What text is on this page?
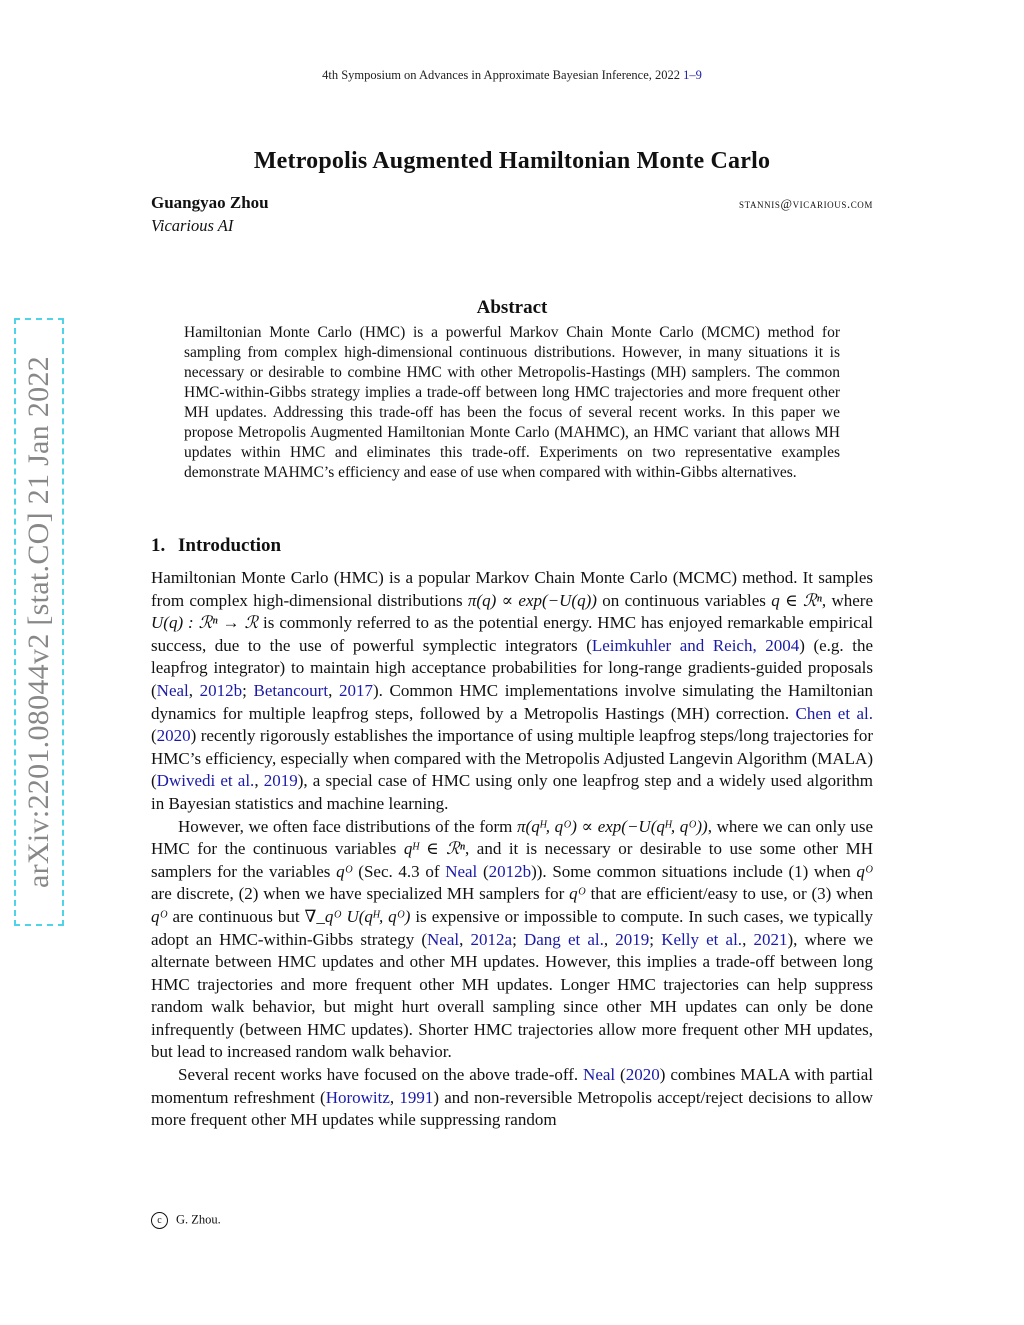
4th Symposium on Advances in Approximate Bayesian Inference, 2022 1–9
Metropolis Augmented Hamiltonian Monte Carlo
Guangyao Zhou	stannis@vicarious.com
Vicarious AI
arXiv:2201.08044v2 [stat.CO] 21 Jan 2022
Abstract
Hamiltonian Monte Carlo (HMC) is a powerful Markov Chain Monte Carlo (MCMC) method for sampling from complex high-dimensional continuous distributions. However, in many situations it is necessary or desirable to combine HMC with other Metropolis-Hastings (MH) samplers. The common HMC-within-Gibbs strategy implies a trade-off between long HMC trajectories and more frequent other MH updates. Addressing this trade-off has been the focus of several recent works. In this paper we propose Metropolis Augmented Hamiltonian Monte Carlo (MAHMC), an HMC variant that allows MH updates within HMC and eliminates this trade-off. Experiments on two representative examples demonstrate MAHMC’s efficiency and ease of use when compared with within-Gibbs alternatives.
1. Introduction

Hamiltonian Monte Carlo (HMC) is a popular Markov Chain Monte Carlo (MCMC) method. It samples from complex high-dimensional distributions π(q) ∝ exp(−U(q)) on continuous variables q ∈ ℛⁿ, where U(q) : ℛⁿ → ℛ is commonly referred to as the potential energy. HMC has enjoyed remarkable empirical success, due to the use of powerful symplectic integrators (Leimkuhler and Reich, 2004) (e.g. the leapfrog integrator) to maintain high acceptance probabilities for long-range gradients-guided proposals (Neal, 2012b; Betancourt, 2017). Common HMC implementations involve simulating the Hamiltonian dynamics for multiple leapfrog steps, followed by a Metropolis Hastings (MH) correction. Chen et al. (2020) recently rigorously establishes the importance of using multiple leapfrog steps/long trajectories for HMC’s efficiency, especially when compared with the Metropolis Adjusted Langevin Algorithm (MALA) (Dwivedi et al., 2019), a special case of HMC using only one leapfrog step and a widely used algorithm in Bayesian statistics and machine learning.

However, we often face distributions of the form π(qᴴ, qᴼ) ∝ exp(−U(qᴴ, qᴼ)), where we can only use HMC for the continuous variables qᴴ ∈ ℛⁿ, and it is necessary or desirable to use some other MH samplers for the variables qᴼ (Sec. 4.3 of Neal (2012b)). Some common situations include (1) when qᴼ are discrete, (2) when we have specialized MH samplers for qᴼ that are efficient/easy to use, or (3) when qᴼ are continuous but ∇_qᴼ U(qᴴ, qᴼ) is expensive or impossible to compute. In such cases, we typically adopt an HMC-within-Gibbs strategy (Neal, 2012a; Dang et al., 2019; Kelly et al., 2021), where we alternate between HMC updates and other MH updates. However, this implies a trade-off between long HMC trajectories and more frequent other MH updates. Longer HMC trajectories can help suppress random walk behavior, but might hurt overall sampling since other MH updates can only be done infrequently (between HMC updates). Shorter HMC trajectories allow more frequent other MH updates, but lead to increased random walk behavior.

Several recent works have focused on the above trade-off. Neal (2020) combines MALA with partial momentum refreshment (Horowitz, 1991) and non-reversible Metropolis accept/reject decisions to allow more frequent other MH updates while suppressing random

c G. Zhou.
